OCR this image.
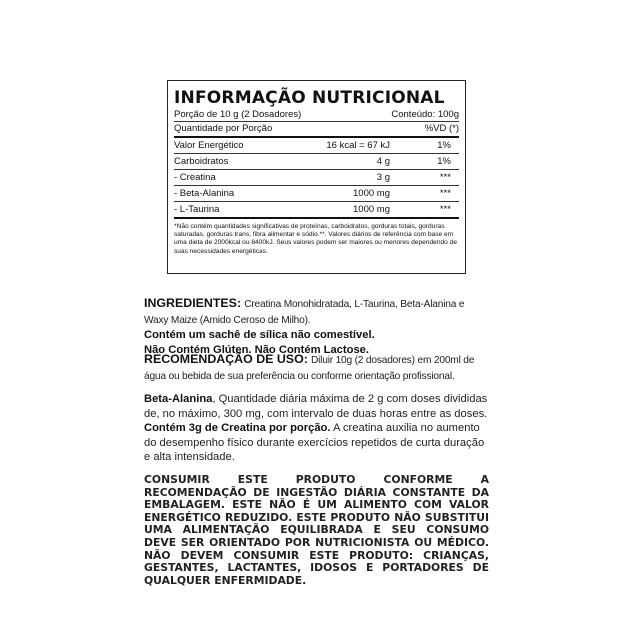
INFORMAÇÃO NUTRICIONAL
Porção de 10 g (2 Dosadores)	Conteúdo: 100g
Quantidade por Porção	%VD (*)
Valor Energético	16 kcal = 67 kJ	1%
Carboidratos	4 g	1%
- Creatina	3 g	***
- Beta-Alanina	1000 mg	***
- L-Taurina	1000 mg	***
*Não contém quantidades significativas de proteínas, carboidratos, gorduras totais, gorduras saturadas, gorduras trans, fibra alimentar e sódio.**. Valores diários de referência com base em uma dieta de 2000kcal ou 8400kJ. Seus valores podem ser maiores ou menores dependendo de suas necessidades energéticas.

INGREDIENTES: Creatina Monohidratada, L-Taurina, Beta-Alanina e Waxy Maize (Amido Ceroso de Milho).

Contém um sachê de sílica não comestível.

Não Contém Glúten. Não Contém Lactose.

RECOMENDAÇÃO DE USO: Diluir 10g (2 dosadores) em 200ml de água ou bebida de sua preferência ou conforme orientação profissional.
Beta-Alanina, Quantidade diária máxima de 2 g com doses divididas de, no máximo, 300 mg, com intervalo de duas horas entre as doses. Contém 3g de Creatina por porção. A creatina auxilia no aumento do desempenho físico durante exercícios repetidos de curta duração e alta intensidade.
CONSUMIR ESTE PRODUTO CONFORME A RECOMENDAÇÃO DE INGESTÃO DIÁRIA CONSTANTE DA EMBALAGEM. ESTE NÃO É UM ALIMENTO COM VALOR ENERGÉTICO REDUZIDO. ESTE PRODUTO NÃO SUBSTITUI UMA ALIMENTAÇÃO EQUILIBRADA E SEU CONSUMO DEVE SER ORIENTADO POR NUTRICIONISTA OU MÉDICO. NÃO DEVEM CONSUMIR ESTE PRODUTO: CRIANÇAS, GESTANTES, LACTANTES, IDOSOS E PORTADORES DE QUALQUER ENFERMIDADE.
